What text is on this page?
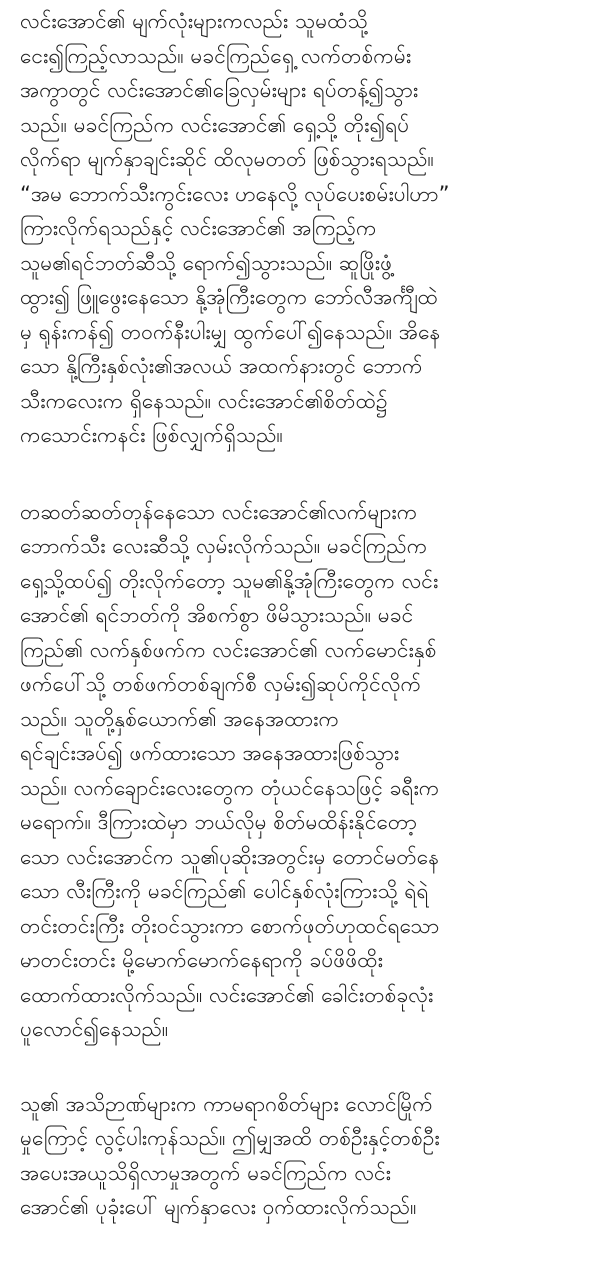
လင်းအောင်၏ မျက်လုံးများကလည်း သူမထံသို့
ငေး၍ကြည့်လာသည်။ မခင်ကြည်ရှေ့ လက်တစ်ကမ်း
အကွာတွင် လင်းအောင်၏ခြေလှမ်းများ ရပ်တန့်၍သွား
သည်။ မခင်ကြည်က လင်းအောင်၏ ရှေ့သို့ တိုး၍ရပ်
လိုက်ရာ မျက်နှာချင်းဆိုင် ထိလုမတတ် ဖြစ်သွားရသည်။
“အမ ဘောက်သီးကွင်းလေး ဟနေလို့ လုပ်ပေးစမ်းပါဟာ”
ကြားလိုက်ရသည်နှင့် လင်းအောင်၏ အကြည့်က
သူမ၏ရင်ဘတ်ဆီသို့ ရောက်၍သွားသည်။ ဆူဖြိုးဖွံ့
ထွား၍ ဖြူဖွေးနေသော နို့အုံကြီးတွေက ဘော်လီအင်္ကျီထဲ
မှ ရုန်းကန်၍ တဝက်နီးပါးမျှ ထွက်ပေါ်၍နေသည်။ အိနေ
သော နို့ကြီးနှစ်လုံး၏အလယ် အထက်နားတွင် ဘောက်
သီးကလေးက ရှိနေသည်။ လင်းအောင်၏စိတ်ထဲ၌
ကသောင်းကနင်း ဖြစ်လျှက်ရှိသည်။
တဆတ်ဆတ်တုန်နေသော လင်းအောင်၏လက်များက
ဘောက်သီး လေးဆီသို့ လှမ်းလိုက်သည်။ မခင်ကြည်က
ရှေ့သို့ထပ်၍ တိုးလိုက်တော့ သူမ၏နို့အုံကြီးတွေက လင်း
အောင်၏ ရင်ဘတ်ကို အိစက်စွာ ဖိမိသွားသည်။ မခင်
ကြည်၏ လက်နှစ်ဖက်က လင်းအောင်၏ လက်မောင်းနှစ်
ဖက်ပေါ်သို့ တစ်ဖက်တစ်ချက်စီ လှမ်း၍ဆုပ်ကိုင်လိုက်
သည်။ သူတို့နှစ်ယောက်၏ အနေအထားက
ရင်ချင်းအပ်၍ ဖက်ထားသော အနေအထားဖြစ်သွား
သည်။ လက်ချောင်းလေးတွေက တုံယင်နေသဖြင့် ခရီးက
မရောက်။ ဒီကြားထဲမှာ ဘယ်လိုမှ စိတ်မထိန်းနိုင်တော့
သော လင်းအောင်က သူ၏ပုဆိုးအတွင်းမှ တောင်မတ်နေ
သော လီးကြီးကို မခင်ကြည်၏ ပေါင်နှစ်လုံးကြားသို့ ရဲရဲ
တင်းတင်းကြီး တိုးဝင်သွားကာ စောက်ဖုတ်ဟုထင်ရသော
မာတင်းတင်း မို့မောက်မောက်နေရာကို ခပ်ဖိဖိထိုး
ထောက်ထားလိုက်သည်။ လင်းအောင်၏ ခေါင်းတစ်ခုလုံး
ပူလောင်၍နေသည်။
သူ၏ အသိဉာဏ်များက ကာမရာဂစိတ်များ လောင်မြိုက်
မှုကြောင့် လွင့်ပါးကုန်သည်။ ဤမျှအထိ တစ်ဦးနှင့်တစ်ဦး
အပေးအယူသိရှိလာမှုအတွက် မခင်ကြည်က လင်း
အောင်၏ ပုခုံးပေါ် မျက်နှာလေး ဝှက်ထားလိုက်သည်။
